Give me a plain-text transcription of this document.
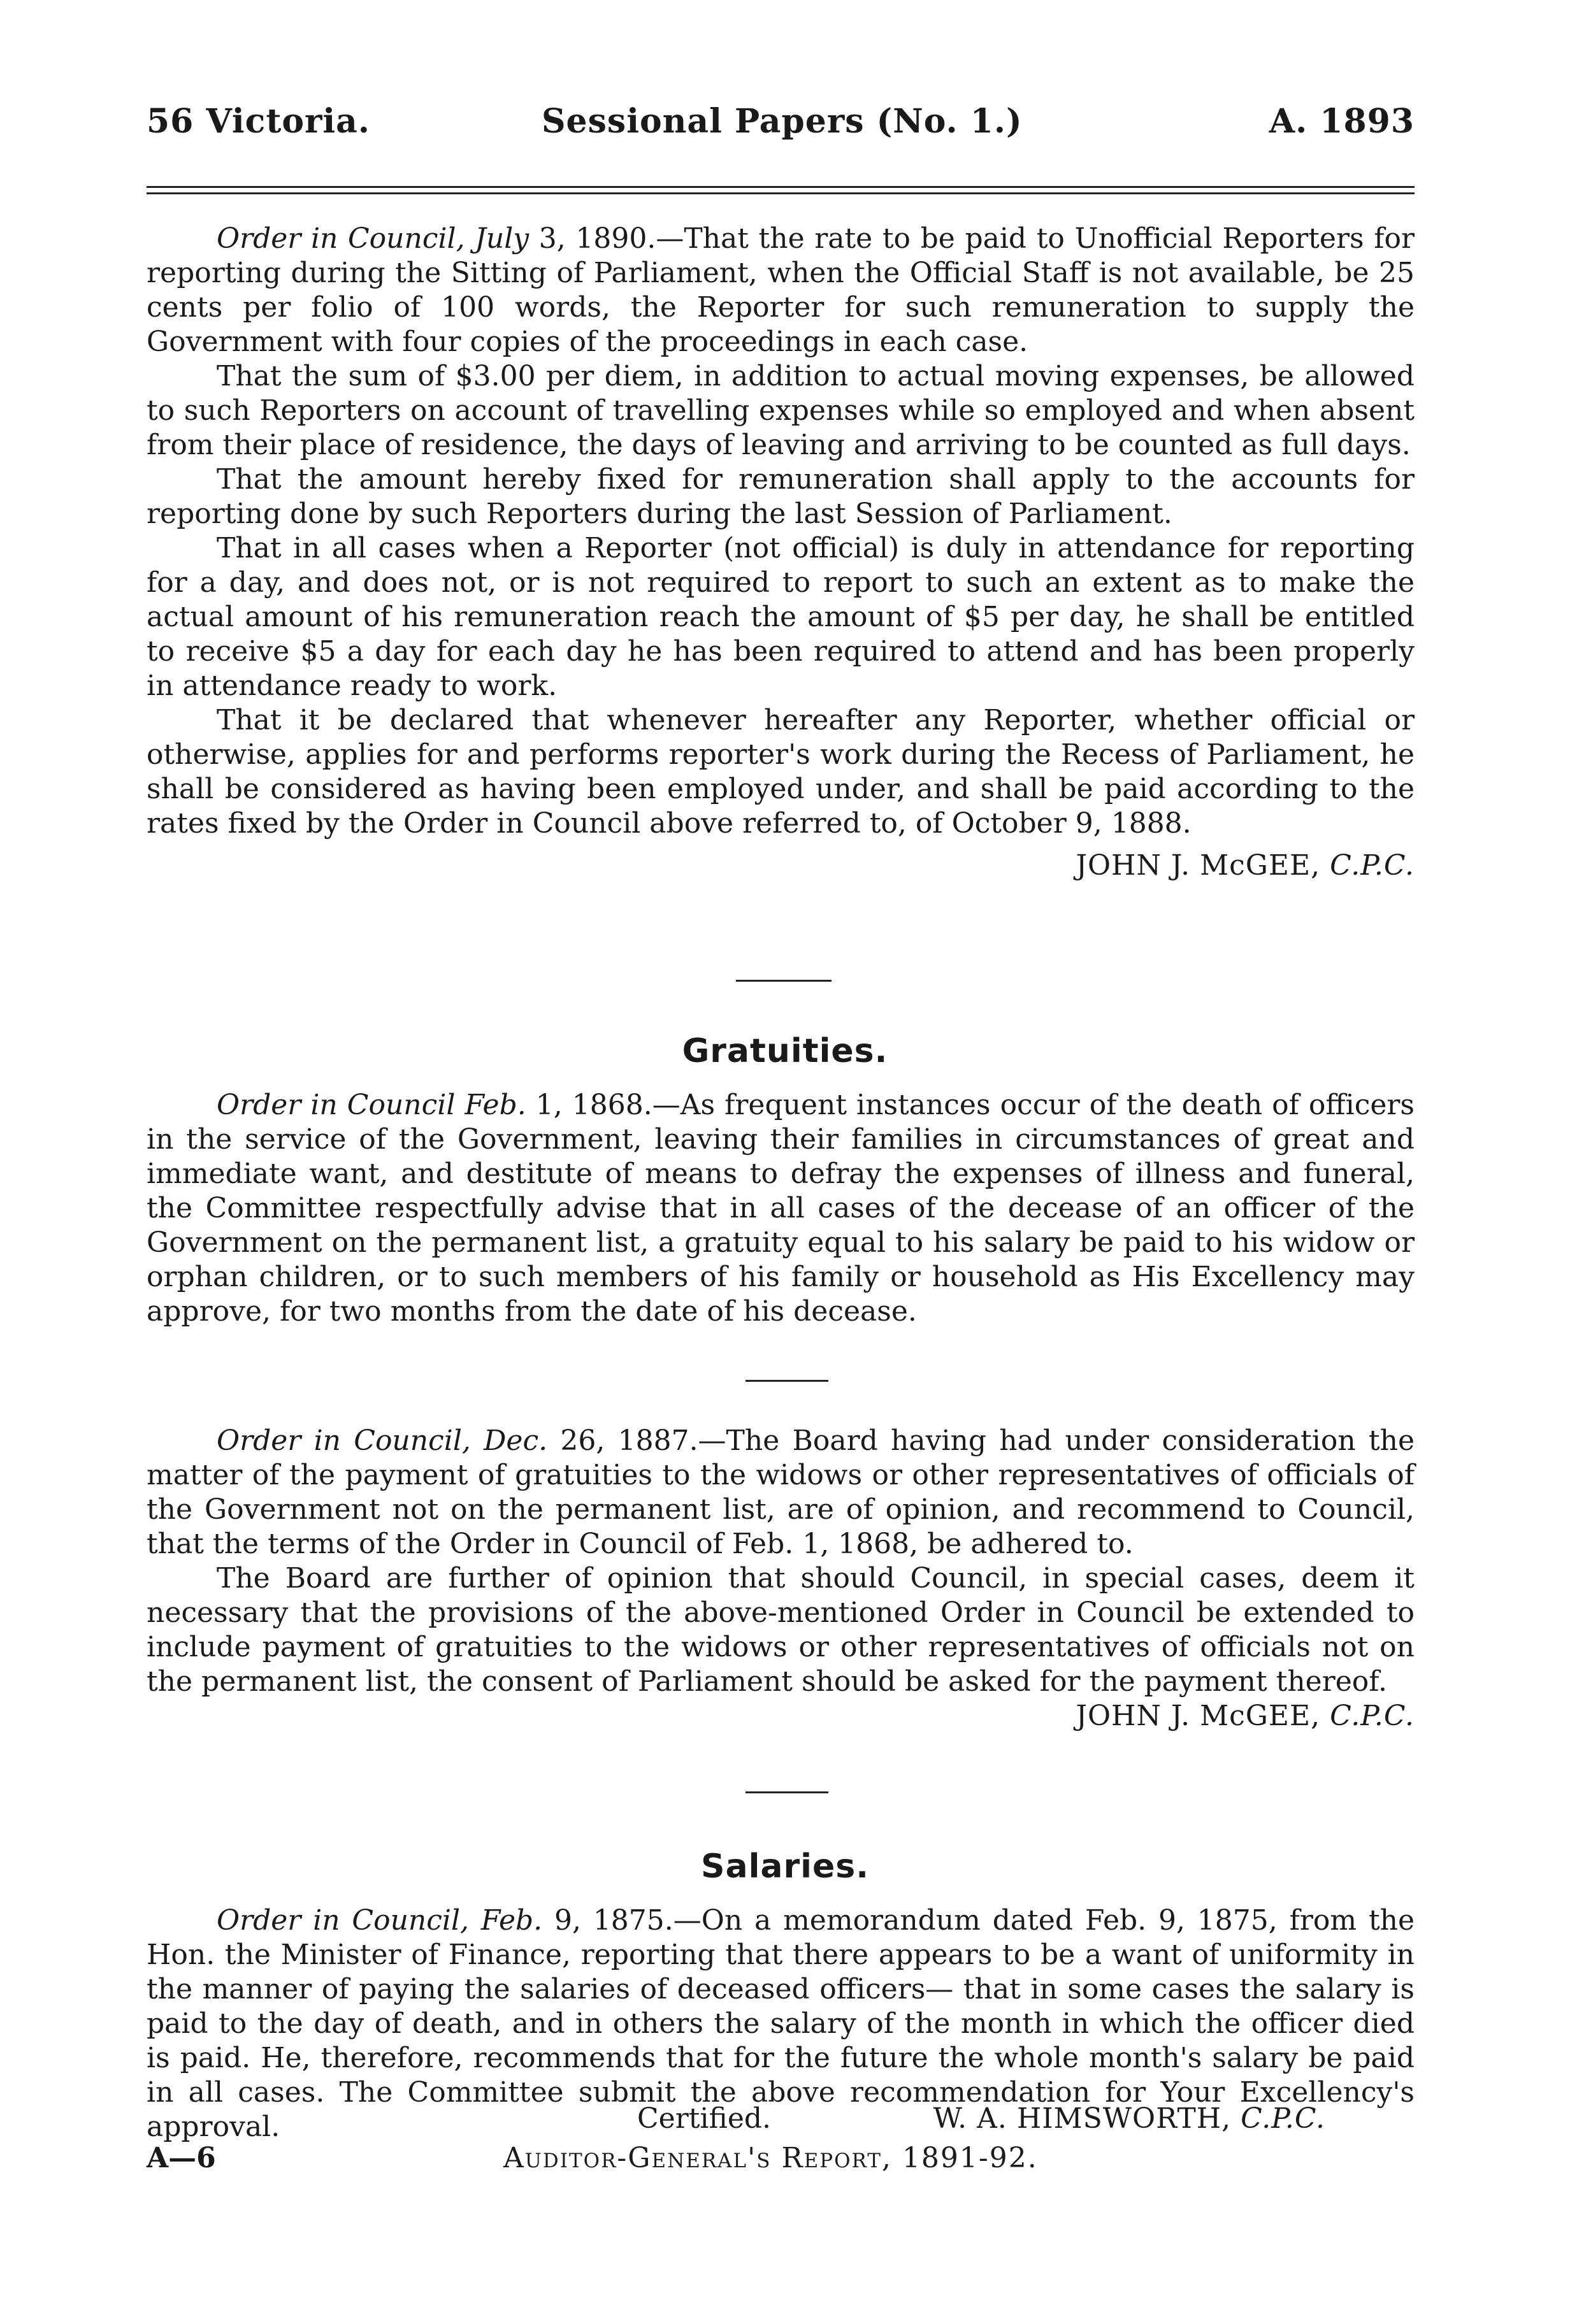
56 Victoria.	Sessional Papers (No. 1.)	A. 1893

Order in Council, July 3, 1890.—That the rate to be paid to Unofficial Reporters for reporting during the Sitting of Parliament, when the Official Staff is not available, be 25 cents per folio of 100 words, the Reporter for such remuneration to supply the Government with four copies of the proceedings in each case.

That the sum of $3.00 per diem, in addition to actual moving expenses, be allowed to such Reporters on account of travelling expenses while so employed and when absent from their place of residence, the days of leaving and arriving to be counted as full days.

That the amount hereby fixed for remuneration shall apply to the accounts for reporting done by such Reporters during the last Session of Parliament.

That in all cases when a Reporter (not official) is duly in attendance for reporting for a day, and does not, or is not required to report to such an extent as to make the actual amount of his remuneration reach the amount of $5 per day, he shall be entitled to receive $5 a day for each day he has been required to attend and has been properly in attendance ready to work.

That it be declared that whenever hereafter any Reporter, whether official or otherwise, applies for and performs reporter's work during the Recess of Parliament, he shall be considered as having been employed under, and shall be paid according to the rates fixed by the Order in Council above referred to, of October 9, 1888.

JOHN J. McGEE, C.P.C.

Gratuities.

Order in Council Feb. 1, 1868.—As frequent instances occur of the death of officers in the service of the Government, leaving their families in circumstances of great and immediate want, and destitute of means to defray the expenses of illness and funeral, the Committee respectfully advise that in all cases of the decease of an officer of the Government on the permanent list, a gratuity equal to his salary be paid to his widow or orphan children, or to such members of his family or household as His Excellency may approve, for two months from the date of his decease.

Order in Council, Dec. 26, 1887.—The Board having had under consideration the matter of the payment of gratuities to the widows or other representatives of officials of the Government not on the permanent list, are of opinion, and recommend to Council, that the terms of the Order in Council of Feb. 1, 1868, be adhered to.

The Board are further of opinion that should Council, in special cases, deem it necessary that the provisions of the above-mentioned Order in Council be extended to include payment of gratuities to the widows or other representatives of officials not on the permanent list, the consent of Parliament should be asked for the payment thereof.

JOHN J. McGEE, C.P.C.

Salaries.

Order in Council, Feb. 9, 1875.—On a memorandum dated Feb. 9, 1875, from the Hon. the Minister of Finance, reporting that there appears to be a want of uniformity in the manner of paying the salaries of deceased officers— that in some cases the salary is paid to the day of death, and in others the salary of the month in which the officer died is paid. He, therefore, recommends that for the future the whole month's salary be paid in all cases. The Committee submit the above recommendation for Your Excellency's approval.	Certified.	W. A. HIMSWORTH, C.P.C.
A—6	Auditor-General's Report, 1891-92.
